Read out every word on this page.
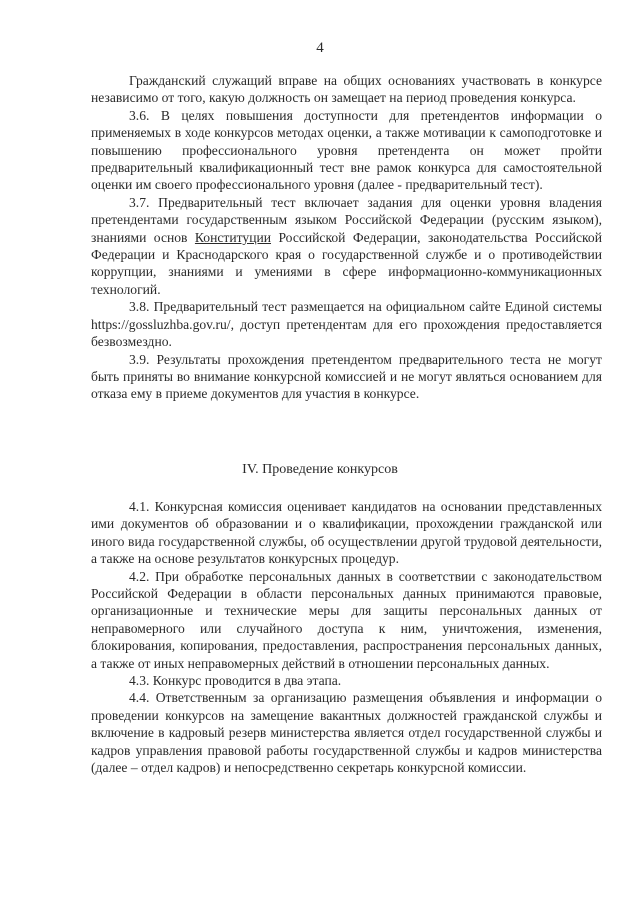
4

Гражданский служащий вправе на общих основаниях участвовать в конкурсе независимо от того, какую должность он замещает на период проведения конкурса.

3.6. В целях повышения доступности для претендентов информации о применяемых в ходе конкурсов методах оценки, а также мотивации к самоподготовке и повышению профессионального уровня претендента он может пройти предварительный квалификационный тест вне рамок конкурса для самостоятельной оценки им своего профессионального уровня (далее - предварительный тест).

3.7. Предварительный тест включает задания для оценки уровня владения претендентами государственным языком Российской Федерации (русским языком), знаниями основ Конституции Российской Федерации, законодательства Российской Федерации и Краснодарского края о государственной службе и о противодействии коррупции, знаниями и умениями в сфере информационно-коммуникационных технологий.

3.8. Предварительный тест размещается на официальном сайте Единой системы https://gossluzhba.gov.ru/, доступ претендентам для его прохождения предоставляется безвозмездно.

3.9. Результаты прохождения претендентом предварительного теста не могут быть приняты во внимание конкурсной комиссией и не могут являться основанием для отказа ему в приеме документов для участия в конкурсе.

IV. Проведение конкурсов

4.1. Конкурсная комиссия оценивает кандидатов на основании представленных ими документов об образовании и о квалификации, прохождении гражданской или иного вида государственной службы, об осуществлении другой трудовой деятельности, а также на основе результатов конкурсных процедур.

4.2. При обработке персональных данных в соответствии с законодательством Российской Федерации в области персональных данных принимаются правовые, организационные и технические меры для защиты персональных данных от неправомерного или случайного доступа к ним, уничтожения, изменения, блокирования, копирования, предоставления, распространения персональных данных, а также от иных неправомерных действий в отношении персональных данных.

4.3. Конкурс проводится в два этапа.

4.4. Ответственным за организацию размещения объявления и информации о проведении конкурсов на замещение вакантных должностей гражданской службы и включение в кадровый резерв министерства является отдел государственной службы и кадров управления правовой работы государственной службы и кадров министерства (далее – отдел кадров) и непосредственно секретарь конкурсной комиссии.
